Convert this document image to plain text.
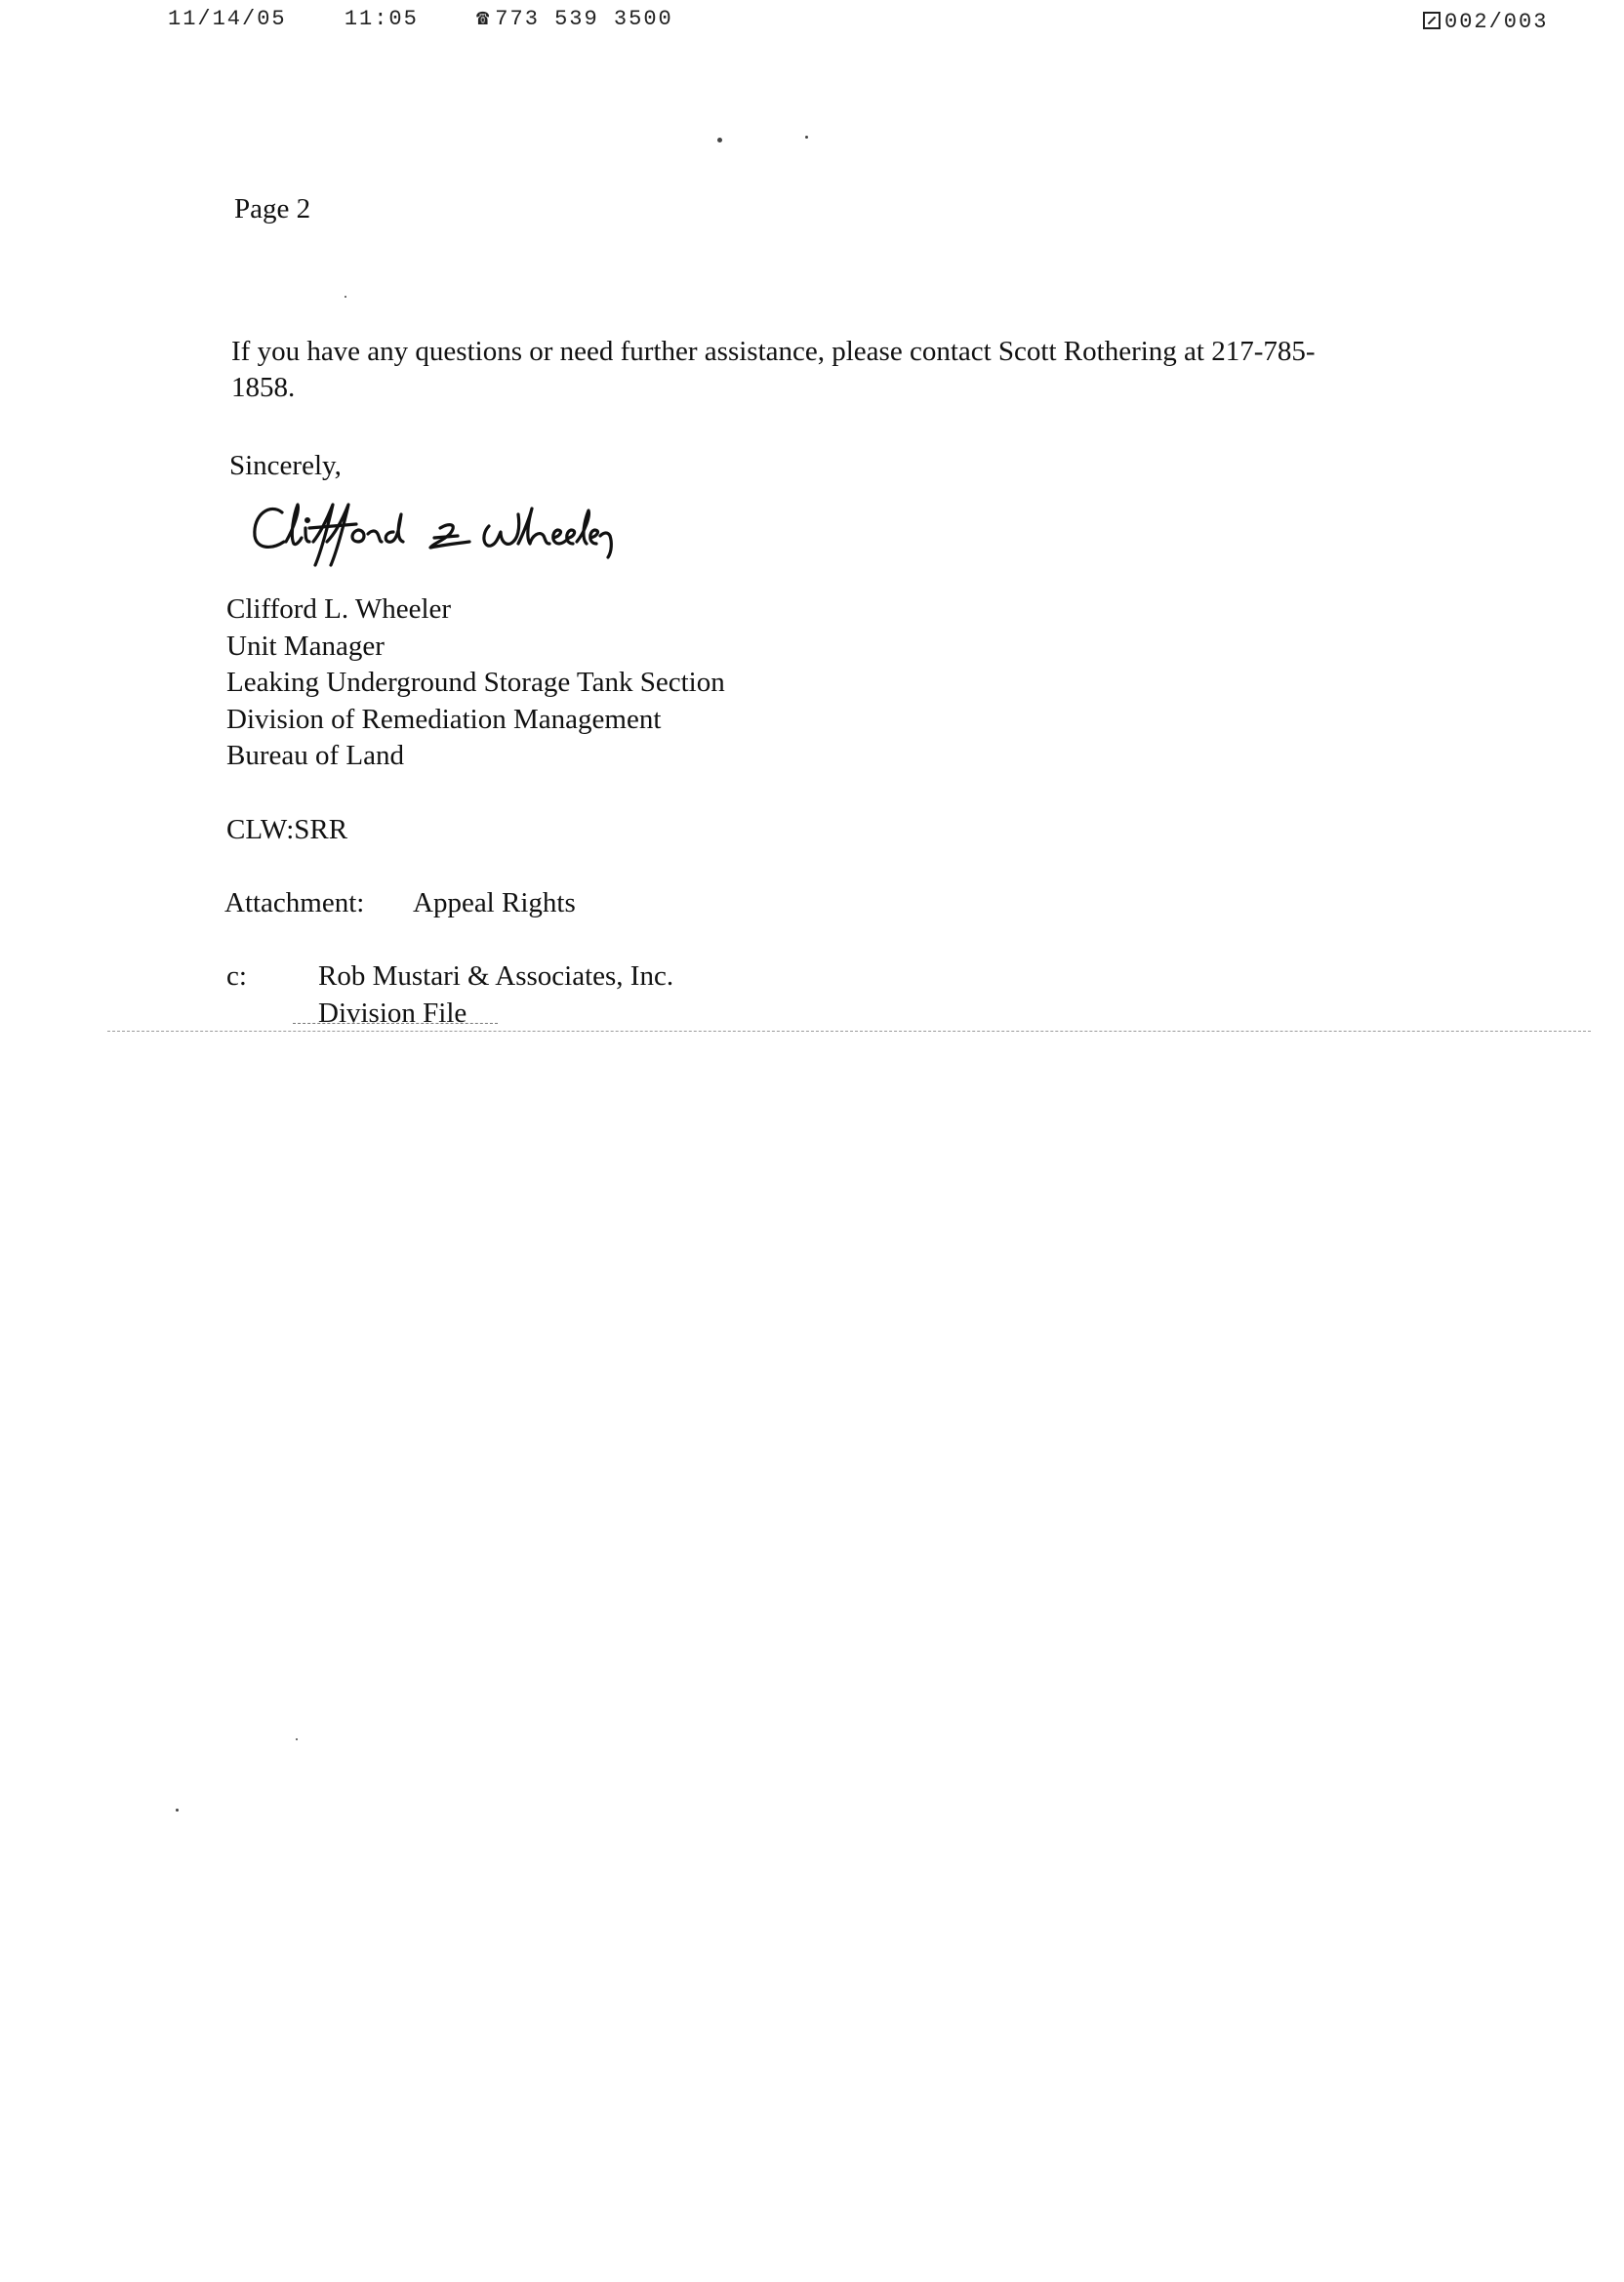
11/14/05	11:05	☎ 773 539 3500	002/003
Page 2
If you have any questions or need further assistance, please contact Scott Rothering at 217-785-
1858.
Sincerely,
Clifford L. Wheeler
Unit Manager
Leaking Underground Storage Tank Section
Division of Remediation Management
Bureau of Land
CLW:SRR
Attachment: Appeal Rights
c:	Rob Mustari & Associates, Inc.
Division File
